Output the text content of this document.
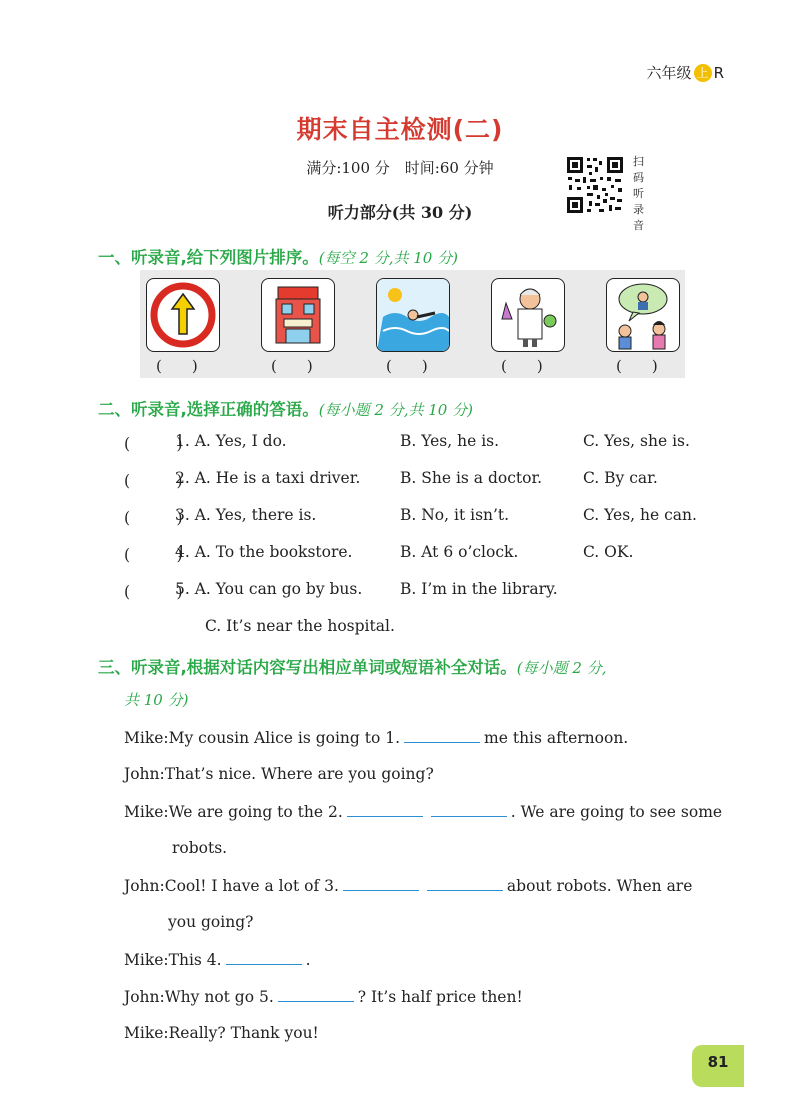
六年级 上 R
期末自主检测(二)
满分:100 分　时间:60 分钟
听力部分(共 30 分)
扫
码
听
录
音
一、听录音,给下列图片排序。(每空 2 分,共 10 分)
(　　)	(　　)	(　　)	(　　)	(　　)
二、听录音,选择正确的答语。(每小题 2 分,共 10 分)
(　　　)
1. A. Yes, I do.	B. Yes, he is.	C. Yes, she is.
(　　　)
2. A. He is a taxi driver.	B. She is a doctor.	C. By car.
(　　　)
3. A. Yes, there is.	B. No, it isn’t.	C. Yes, he can.
(　　　)
4. A. To the bookstore.	B. At 6 o’clock.	C. OK.
(　　　)
5. A. You can go by bus. B. I’m in the library.
C. It’s near the hospital.
三、听录音,根据对话内容写出相应单词或短语补全对话。(每小题 2 分,
共 10 分)
Mike:My cousin Alice is going to 1.	me this afternoon.
John:That’s nice. Where are you going?
Mike:We are going to the 2.	. We are going to see some
robots.
John:Cool! I have a lot of 3.	about robots. When are
you going?
Mike:This 4.	.
John:Why not go 5.	? It’s half price then!
Mike:Really? Thank you!
81
